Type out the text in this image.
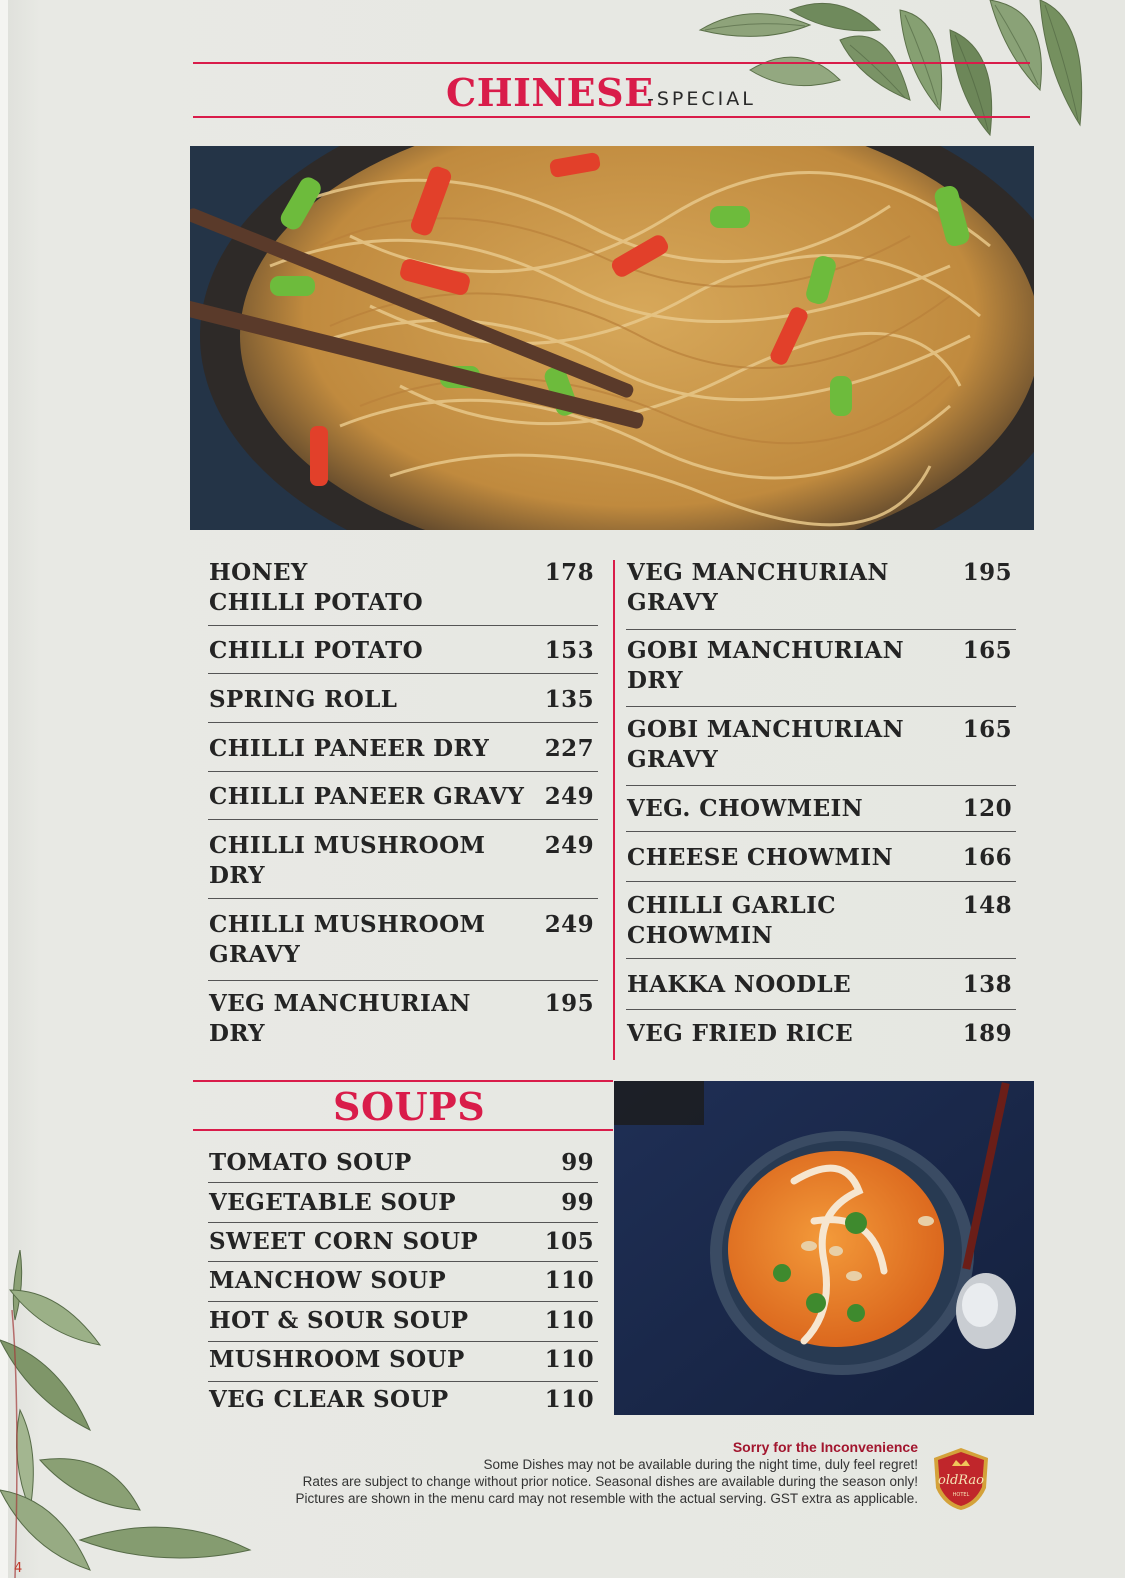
4
CHINESE
-SPECIAL
HONEY
CHILLI POTATO
178
CHILLI POTATO	153
SPRING ROLL	135
CHILLI PANEER DRY 227
CHILLI PANEER GRAVY 249
CHILLI MUSHROOM
DRY
249
CHILLI MUSHROOM
GRAVY
249
VEG MANCHURIAN
DRY
195
VEG MANCHURIAN
GRAVY
195
GOBI MANCHURIAN
DRY
165
GOBI MANCHURIAN
GRAVY
165
VEG. CHOWMEIN	120
CHEESE CHOWMIN	166
CHILLI GARLIC
CHOWMIN
148
HAKKA NOODLE	138
VEG FRIED RICE	189
SOUPS
TOMATO SOUP	99
VEGETABLE SOUP	99
SWEET CORN SOUP	105
MANCHOW SOUP	110
HOT & SOUR SOUP	110
MUSHROOM SOUP	110
VEG CLEAR SOUP	110
Sorry for the Inconvenience
Some Dishes may not be available during the night time, duly feel regret!
Rates are subject to change without prior notice. Seasonal dishes are available during the season only!
Pictures are shown in the menu card may not resemble with the actual serving. GST extra as applicable.
oldRao
HOTEL
